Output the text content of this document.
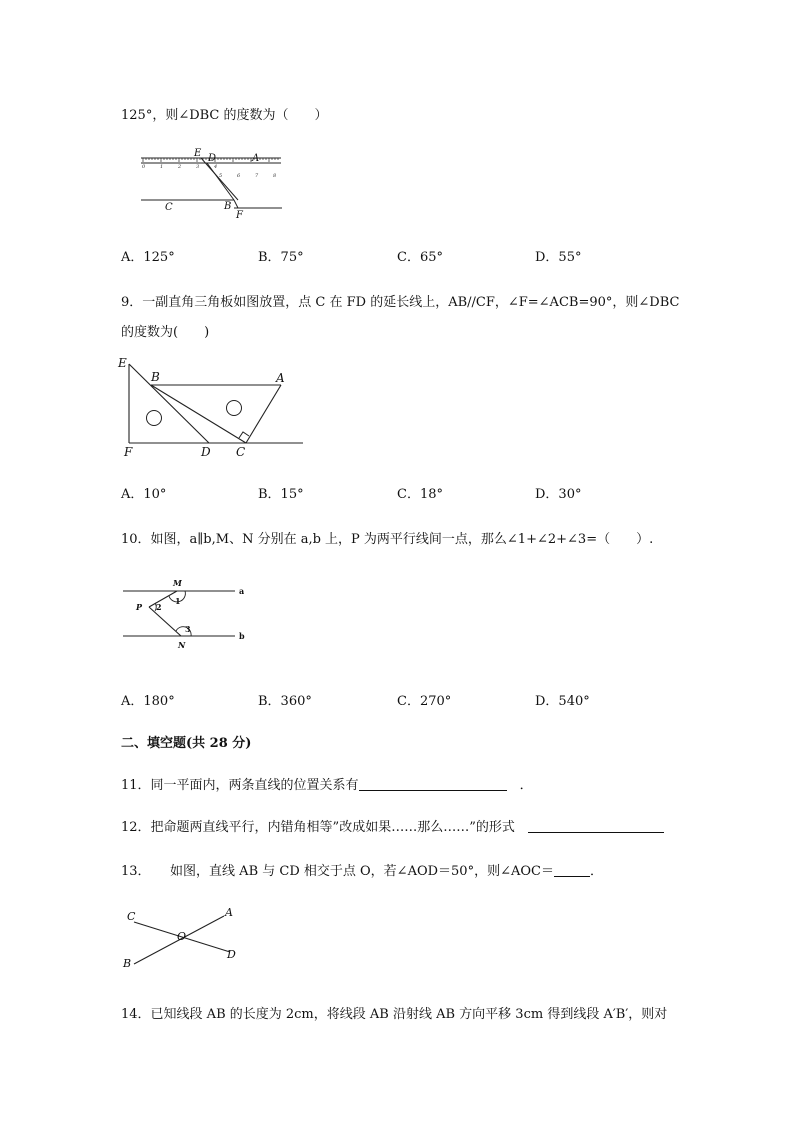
125°，则∠DBC 的度数为（　　）
0	1	2	3	4
5	6	7	8
E D	A
C	B
F
A．125°	B．75°	C．65°	D．55°
9．一副直角三角板如图放置，点 C 在 FD 的延长线上，AB//CF，∠F=∠ACB=90°，则∠DBC
的度数为(　　)
E
B	A
F	D C
A．10°	B．15°	C．18°	D．30°
10．如图，a∥b,M、N 分别在 a,b 上，P 为两平行线间一点，那么∠1+∠2+∠3=（　　）.
M
a
P
1
2
3
N
b
A．180°	B．360°	C．270°	D．540°
二、填空题(共 28 分)
11．同一平面内，两条直线的位置关系有　	．
12．把命题两直线平行，内错角相等”改成如果……那么……”的形式　
13．　　如图，直线 AB 与 CD 相交于点 O，若∠AOD＝50°，则∠AOC＝	．
C	A
O
B
D
14．已知线段 AB 的长度为 2cm，将线段 AB 沿射线 AB 方向平移 3cm 得到线段 A′B′，则对
